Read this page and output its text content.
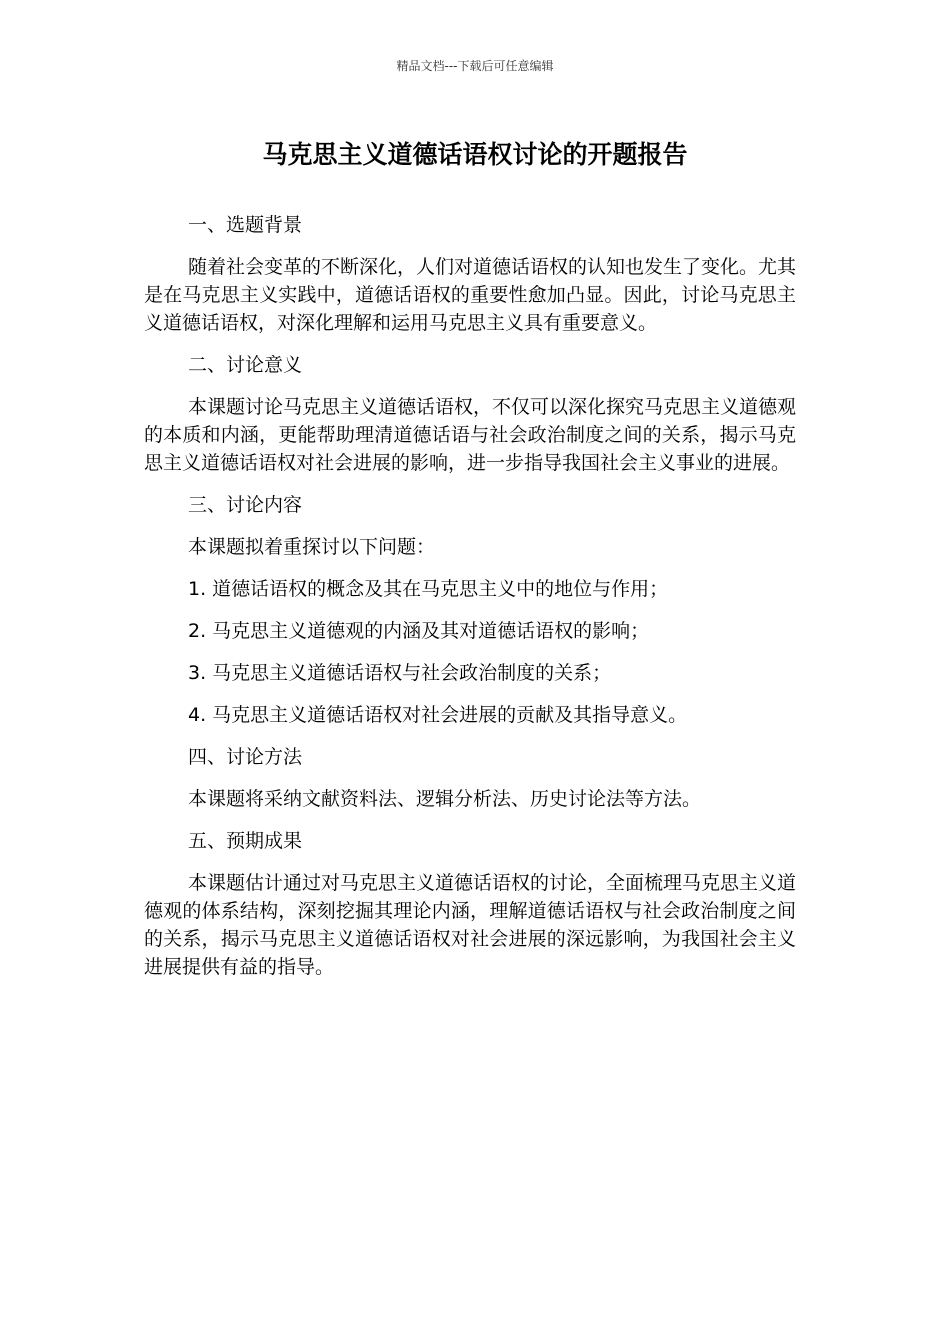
精品文档---下载后可任意编辑
马克思主义道德话语权讨论的开题报告

一、选题背景

随着社会变革的不断深化，人们对道德话语权的认知也发生了变化。尤其是在马克思主义实践中，道德话语权的重要性愈加凸显。因此，讨论马克思主义道德话语权，对深化理解和运用马克思主义具有重要意义。

二、讨论意义

本课题讨论马克思主义道德话语权，不仅可以深化探究马克思主义道德观的本质和内涵，更能帮助理清道德话语与社会政治制度之间的关系，揭示马克思主义道德话语权对社会进展的影响，进一步指导我国社会主义事业的进展。

三、讨论内容

本课题拟着重探讨以下问题：

1. 道德话语权的概念及其在马克思主义中的地位与作用；

2. 马克思主义道德观的内涵及其对道德话语权的影响；

3. 马克思主义道德话语权与社会政治制度的关系；

4. 马克思主义道德话语权对社会进展的贡献及其指导意义。

四、讨论方法

本课题将采纳文献资料法、逻辑分析法、历史讨论法等方法。

五、预期成果

本课题估计通过对马克思主义道德话语权的讨论，全面梳理马克思主义道德观的体系结构，深刻挖掘其理论内涵，理解道德话语权与社会政治制度之间的关系，揭示马克思主义道德话语权对社会进展的深远影响，为我国社会主义进展提供有益的指导。
